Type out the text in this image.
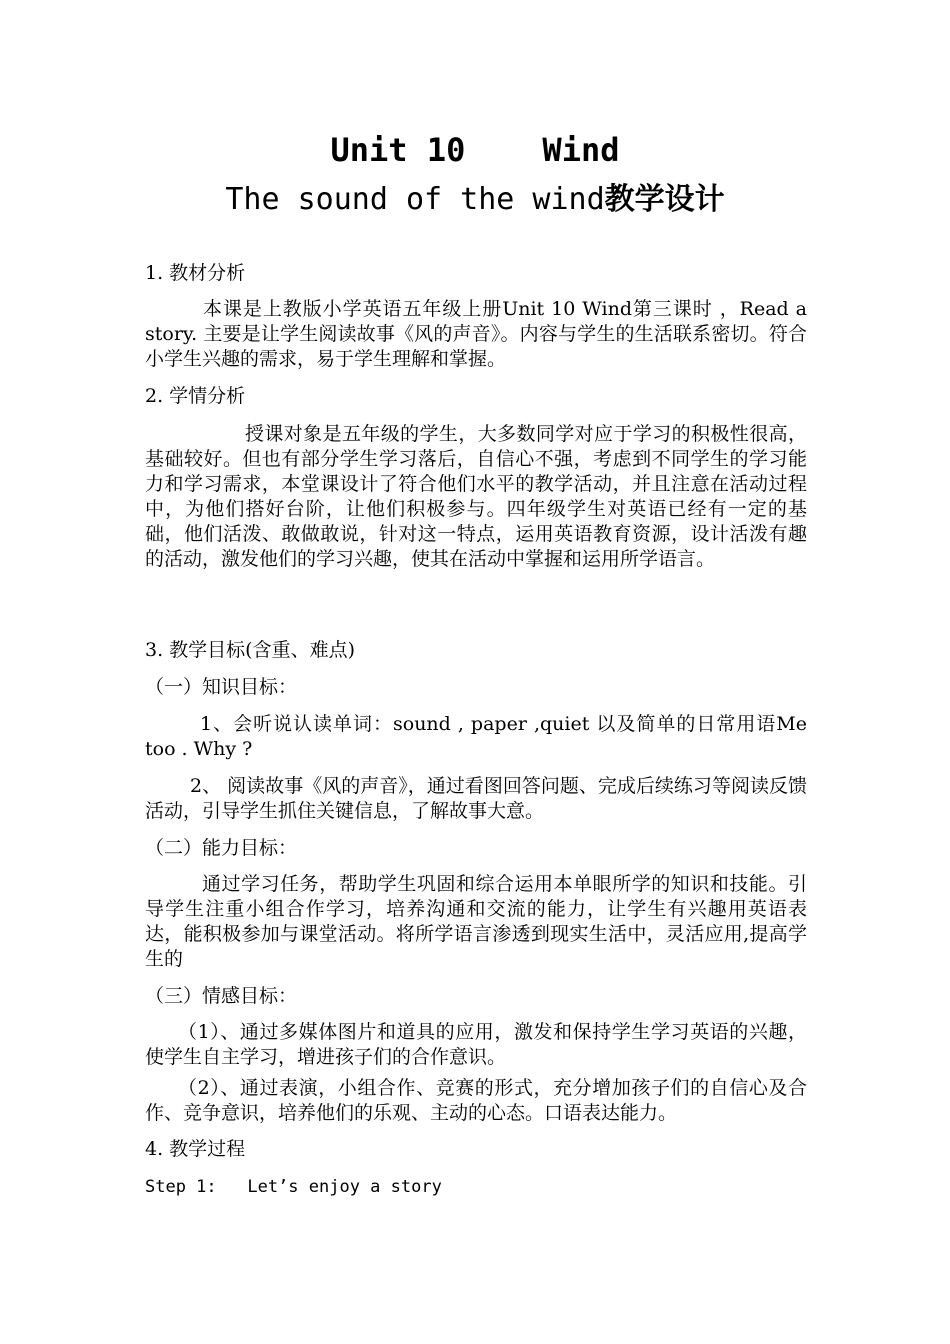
Unit 10    Wind
The sound of the wind教学设计
1. 教材分析
本课是上教版小学英语五年级上册Unit 10 Wind第三课时 ，Read a story. 主要是让学生阅读故事《风的声音》。内容与学生的生活联系密切。符合小学生兴趣的需求，易于学生理解和掌握。
2. 学情分析
授课对象是五年级的学生，大多数同学对应于学习的积极性很高，基础较好。但也有部分学生学习落后，自信心不强，考虑到不同学生的学习能力和学习需求，本堂课设计了符合他们水平的教学活动，并且注意在活动过程中，为他们搭好台阶，让他们积极参与。四年级学生对英语已经有一定的基础，他们活泼、敢做敢说，针对这一特点，运用英语教育资源，设计活泼有趣的活动，激发他们的学习兴趣，使其在活动中掌握和运用所学语言。
3. 教学目标(含重、难点)
（一）知识目标：
1、会听说认读单词：sound , paper ,quiet 以及简单的日常用语Me too . Why ?
2、 阅读故事《风的声音》，通过看图回答问题、完成后续练习等阅读反馈活动，引导学生抓住关键信息，了解故事大意。
（二）能力目标：
通过学习任务，帮助学生巩固和综合运用本单眼所学的知识和技能。引导学生注重小组合作学习，培养沟通和交流的能力，让学生有兴趣用英语表达，能积极参加与课堂活动。将所学语言渗透到现实生活中，灵活应用,提高学生的
（三）情感目标：
（1）、通过多媒体图片和道具的应用，激发和保持学生学习英语的兴趣，使学生自主学习，增进孩子们的合作意识。
（2）、通过表演，小组合作、竞赛的形式，充分增加孩子们的自信心及合作、竞争意识，培养他们的乐观、主动的心态。口语表达能力。
4. 教学过程
Step 1:   Let’s enjoy a story
